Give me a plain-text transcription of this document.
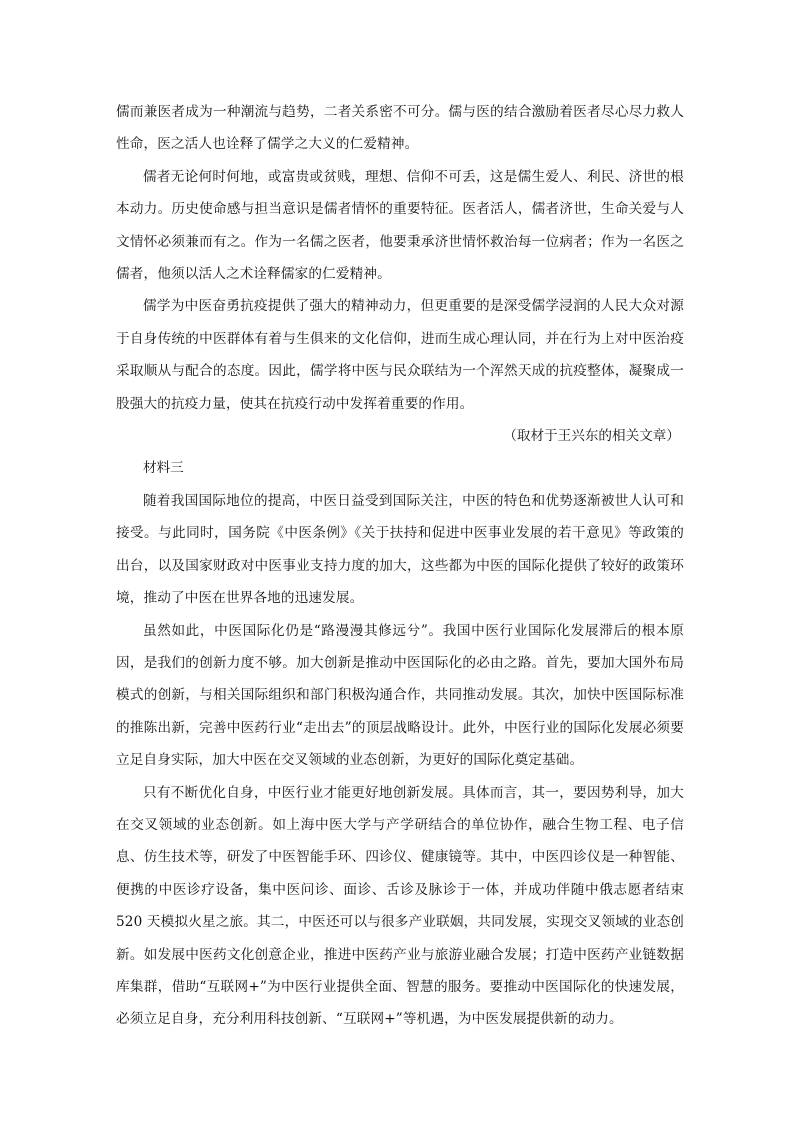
儒而兼医者成为一种潮流与趋势，二者关系密不可分。儒与医的结合激励着医者尽心尽力救人性命，医之活人也诠释了儒学之大义的仁爱精神。

儒者无论何时何地，或富贵或贫贱，理想、信仰不可丢，这是儒生爱人、利民、济世的根本动力。历史使命感与担当意识是儒者情怀的重要特征。医者活人，儒者济世，生命关爱与人文情怀必须兼而有之。作为一名儒之医者，他要秉承济世情怀救治每一位病者；作为一名医之儒者，他须以活人之术诠释儒家的仁爱精神。

儒学为中医奋勇抗疫提供了强大的精神动力，但更重要的是深受儒学浸润的人民大众对源于自身传统的中医群体有着与生俱来的文化信仰，进而生成心理认同，并在行为上对中医治疫采取顺从与配合的态度。因此，儒学将中医与民众联结为一个浑然天成的抗疫整体，凝聚成一股强大的抗疫力量，使其在抗疫行动中发挥着重要的作用。

（取材于王兴东的相关文章）

材料三

随着我国国际地位的提高，中医日益受到国际关注，中医的特色和优势逐渐被世人认可和接受。与此同时，国务院《中医条例》《关于扶持和促进中医事业发展的若干意见》等政策的出台，以及国家财政对中医事业支持力度的加大，这些都为中医的国际化提供了较好的政策环境，推动了中医在世界各地的迅速发展。

虽然如此，中医国际化仍是“路漫漫其修远兮”。我国中医行业国际化发展滞后的根本原因，是我们的创新力度不够。加大创新是推动中医国际化的必由之路。首先，要加大国外布局模式的创新，与相关国际组织和部门积极沟通合作，共同推动发展。其次，加快中医国际标准的推陈出新，完善中医药行业“走出去”的顶层战略设计。此外，中医行业的国际化发展必须要立足自身实际，加大中医在交叉领域的业态创新，为更好的国际化奠定基础。

只有不断优化自身，中医行业才能更好地创新发展。具体而言，其一，要因势利导，加大在交叉领域的业态创新。如上海中医大学与产学研结合的单位协作，融合生物工程、电子信息、仿生技术等，研发了中医智能手环、四诊仪、健康镜等。其中，中医四诊仪是一种智能、便携的中医诊疗设备，集中医问诊、面诊、舌诊及脉诊于一体，并成功伴随中俄志愿者结束 520 天模拟火星之旅。其二，中医还可以与很多产业联姻，共同发展，实现交叉领域的业态创新。如发展中医药文化创意企业，推进中医药产业与旅游业融合发展；打造中医药产业链数据库集群，借助“互联网+”为中医行业提供全面、智慧的服务。要推动中医国际化的快速发展，必须立足自身，充分利用科技创新、“互联网+”等机遇，为中医发展提供新的动力。
